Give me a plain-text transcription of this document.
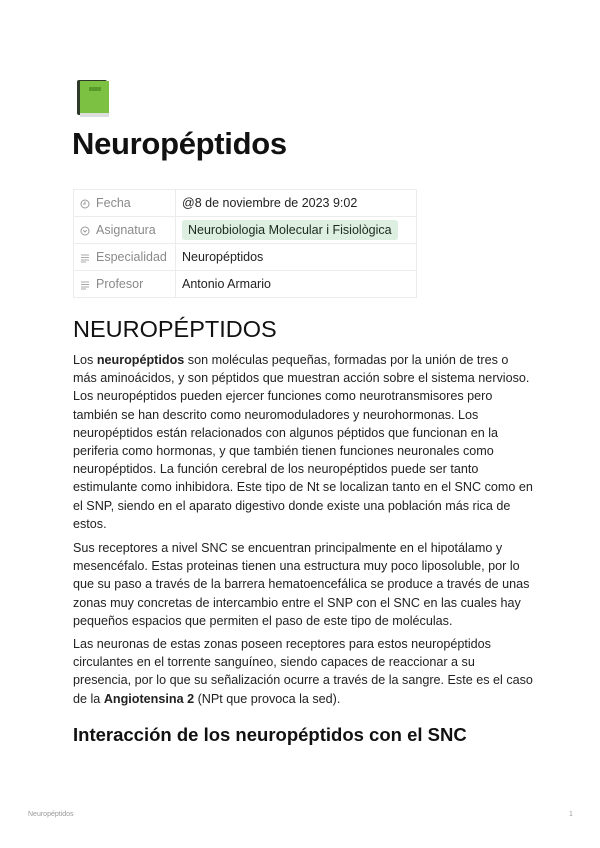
Neuropéptidos
Fecha	@8 de noviembre de 2023 9:02
Asignatura	Neurobiologia Molecular i Fisiològica
Especialidad	Neuropéptidos
Profesor	Antonio Armario
NEUROPÉPTIDOS

Los neuropéptidos son moléculas pequeñas, formadas por la unión de tres o más aminoácidos, y son péptidos que muestran acción sobre el sistema nervioso. Los neuropéptidos pueden ejercer funciones como neurotransmisores pero también se han descrito como neuromoduladores y neurohormonas. Los neuropéptidos están relacionados con algunos péptidos que funcionan en la periferia como hormonas, y que también tienen funciones neuronales como neuropéptidos. La función cerebral de los neuropéptidos puede ser tanto estimulante como inhibidora. Este tipo de Nt se localizan tanto en el SNC como en el SNP, siendo en el aparato digestivo donde existe una población más rica de estos.

Sus receptores a nivel SNC se encuentran principalmente en el hipotálamo y mesencéfalo. Estas proteinas tienen una estructura muy poco liposoluble, por lo que su paso a través de la barrera hematoencefálica se produce a través de unas zonas muy concretas de intercambio entre el SNP con el SNC en las cuales hay pequeños espacios que permiten el paso de este tipo de moléculas.

Las neuronas de estas zonas poseen receptores para estos neuropéptidos circulantes en el torrente sanguíneo, siendo capaces de reaccionar a su presencia, por lo que su señalización ocurre a través de la sangre. Este es el caso de la Angiotensina 2 (NPt que provoca la sed).

Interacción de los neuropéptidos con el SNC
Neuropéptidos	1
